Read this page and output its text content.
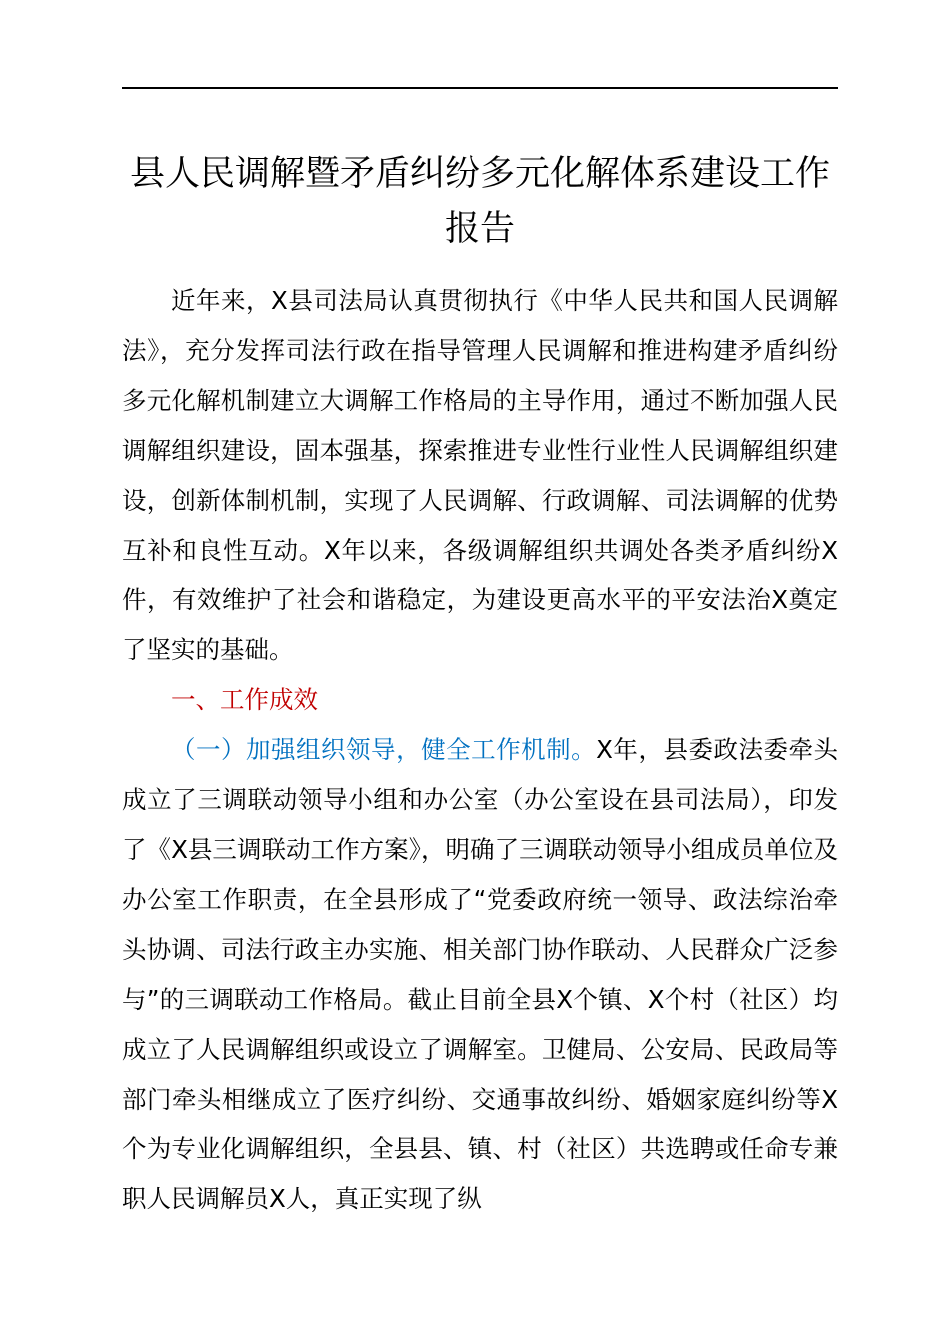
县人民调解暨矛盾纠纷多元化解体系建设工作
报告

近年来，X县司法局认真贯彻执行《中华人民共和国人民调解法》，充分发挥司法行政在指导管理人民调解和推进构建矛盾纠纷多元化解机制建立大调解工作格局的主导作用，通过不断加强人民调解组织建设，固本强基，探索推进专业性行业性人民调解组织建设，创新体制机制，实现了人民调解、行政调解、司法调解的优势互补和良性互动。X年以来，各级调解组织共调处各类矛盾纠纷X件，有效维护了社会和谐稳定，为建设更高水平的平安法治X奠定了坚实的基础。

一、工作成效

（一）加强组织领导，健全工作机制。X年，县委政法委牵头成立了三调联动领导小组和办公室（办公室设在县司法局），印发了《X县三调联动工作方案》，明确了三调联动领导小组成员单位及办公室工作职责，在全县形成了“党委政府统一领导、政法综治牵头协调、司法行政主办实施、相关部门协作联动、人民群众广泛参与”的三调联动工作格局。截止目前全县X个镇、X个村（社区）均成立了人民调解组织或设立了调解室。卫健局、公安局、民政局等部门牵头相继成立了医疗纠纷、交通事故纠纷、婚姻家庭纠纷等X个为专业化调解组织，全县县、镇、村（社区）共选聘或任命专兼职人民调解员X人，真正实现了纵
